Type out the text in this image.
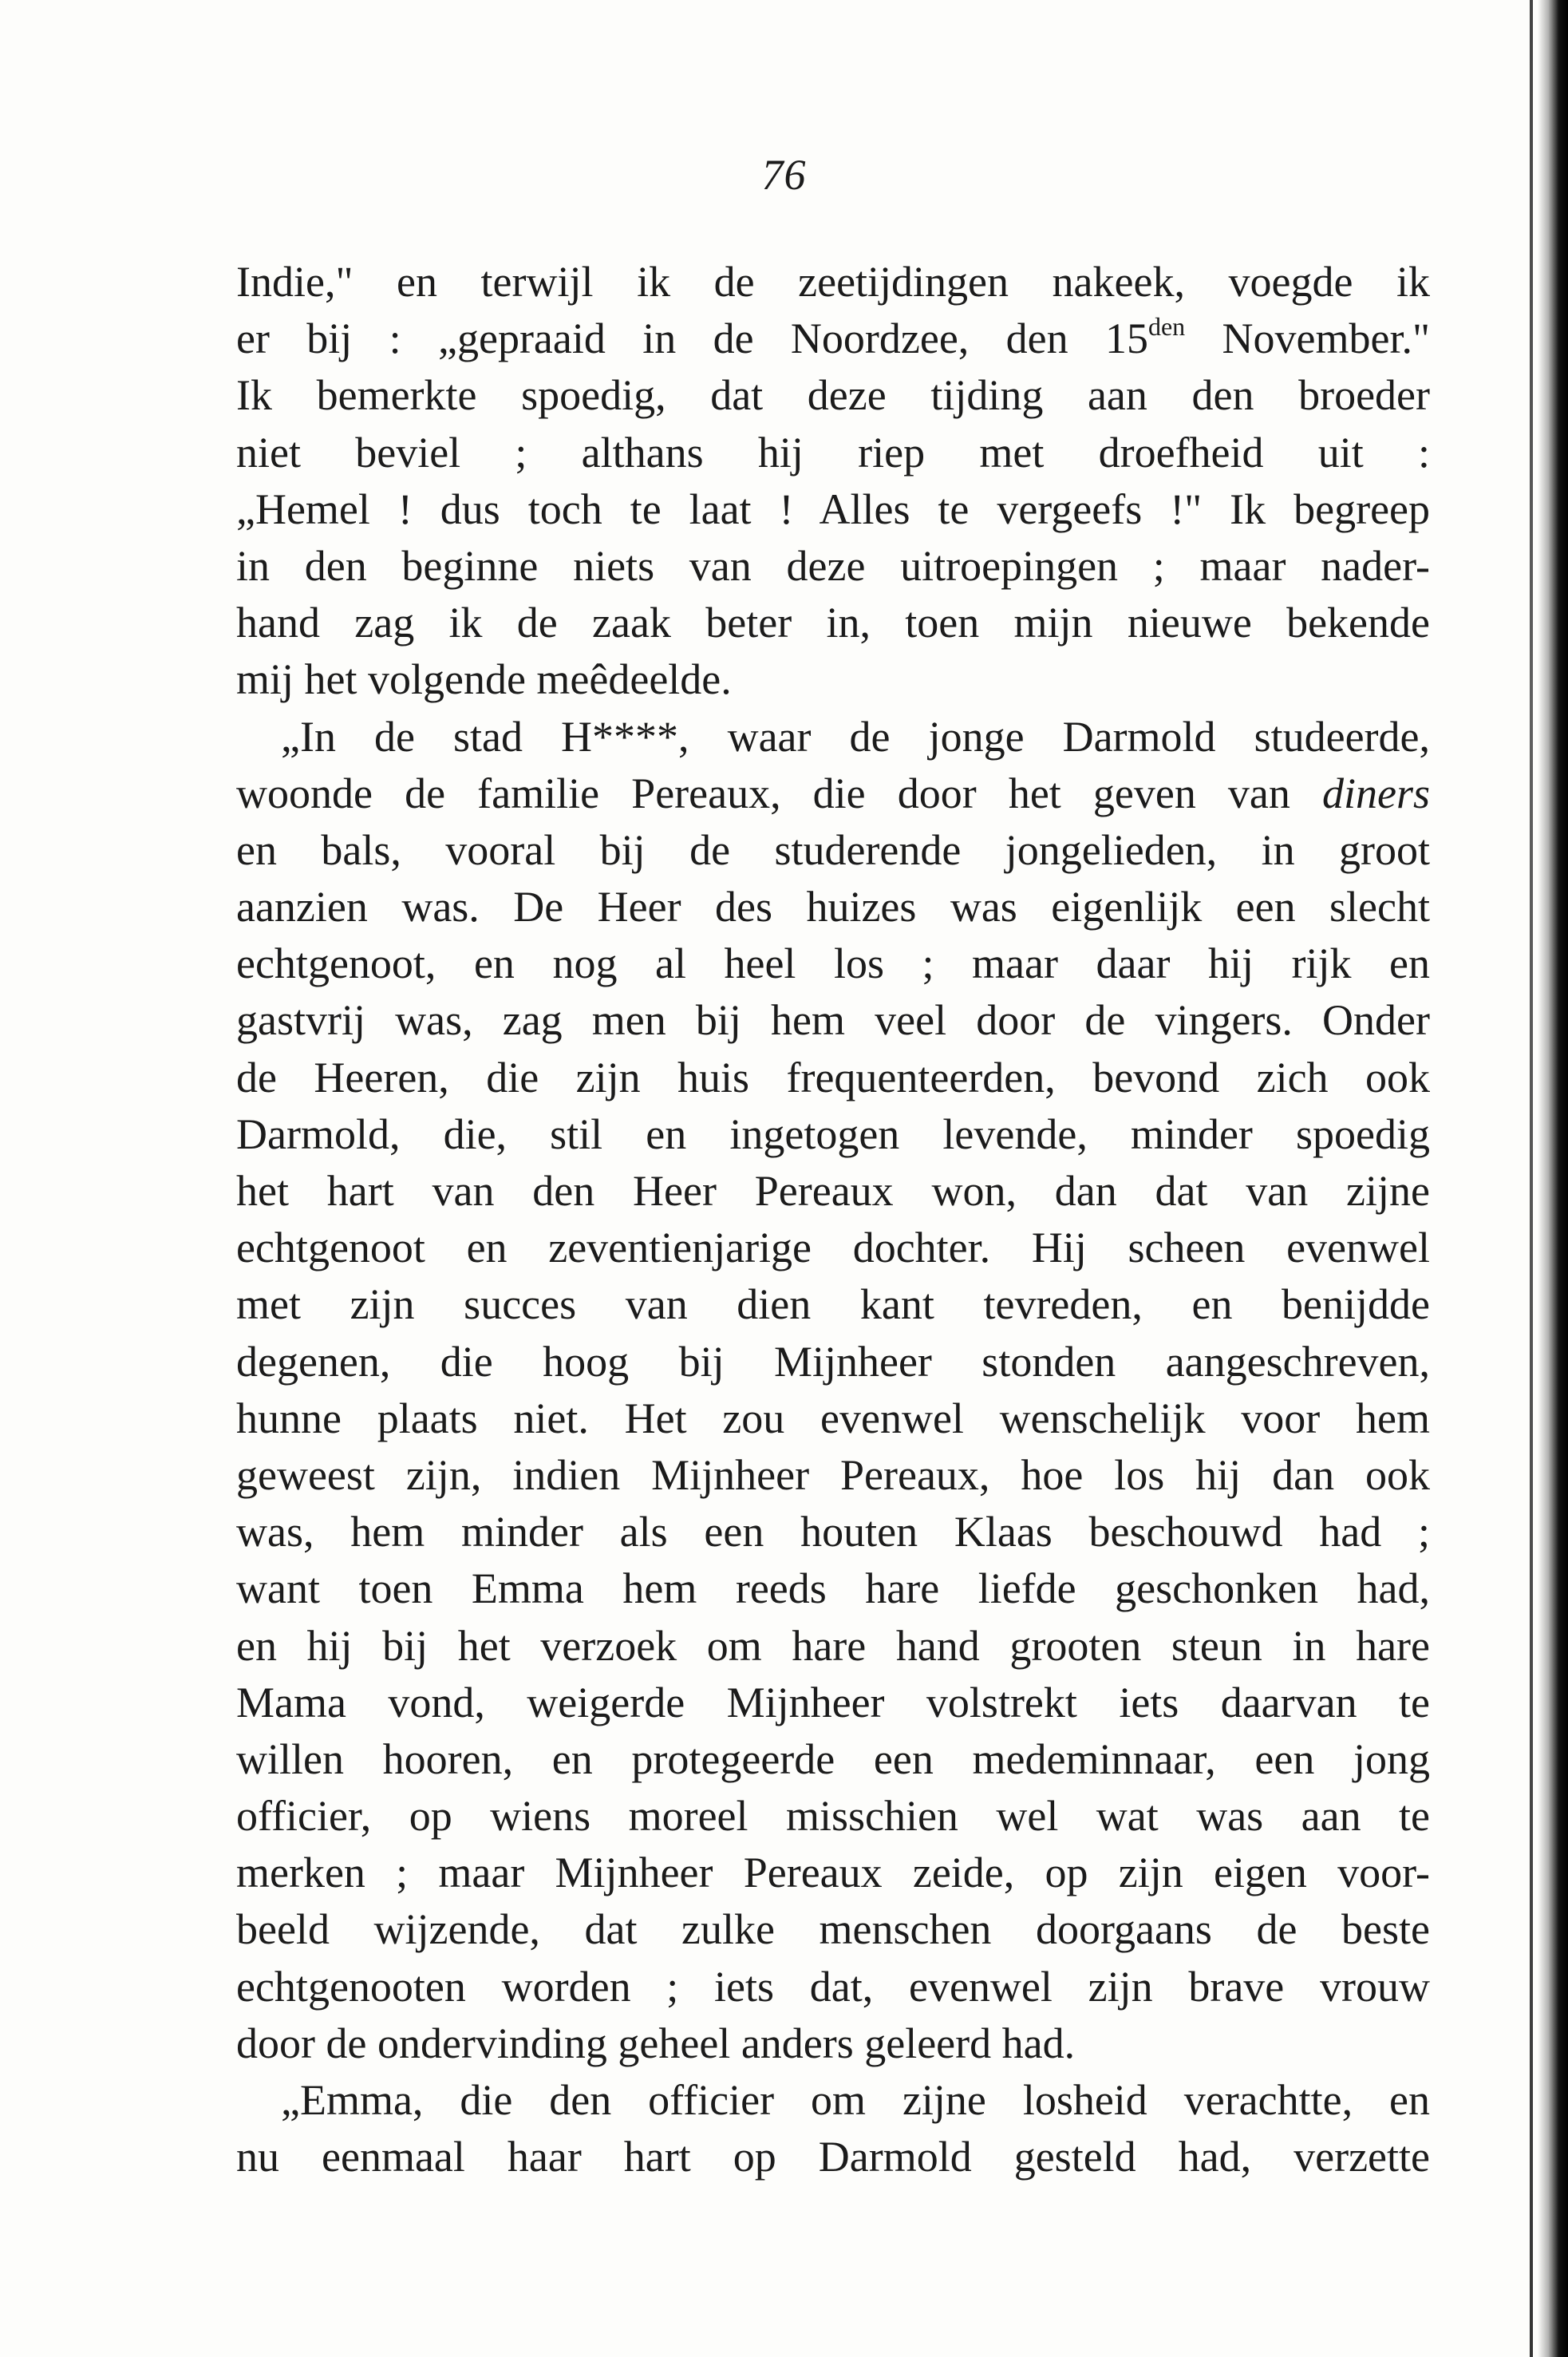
76
Indie," en terwijl ik de zeetijdingen nakeek, voegde ik
er bij : „gepraaid in de Noordzee, den $15^{den}$ November."
Ik bemerkte spoedig, dat deze tijding aan den broeder
niet beviel ; althans hij riep met droefheid uit :
„Hemel ! dus toch te laat ! Alles te vergeefs !" Ik begreep
in den beginne niets van deze uitroepingen ; maar nader-
hand zag ik de zaak beter in, toen mijn nieuwe bekende
mij het volgende meêdeelde.
„In de stad H****, waar de jonge Darmold studeerde,
woonde de familie Pereaux, die door het geven van diners
en bals, vooral bij de studerende jongelieden, in groot
aanzien was. De Heer des huizes was eigenlijk een slecht
echtgenoot, en nog al heel los ; maar daar hij rijk en
gastvrij was, zag men bij hem veel door de vingers. Onder
de Heeren, die zijn huis frequenteerden, bevond zich ook
Darmold, die, stil en ingetogen levende, minder spoedig
het hart van den Heer Pereaux won, dan dat van zijne
echtgenoot en zeventienjarige dochter. Hij scheen evenwel
met zijn succes van dien kant tevreden, en benijdde
degenen, die hoog bij Mijnheer stonden aangeschreven,
hunne plaats niet. Het zou evenwel wenschelijk voor hem
geweest zijn, indien Mijnheer Pereaux, hoe los hij dan ook
was, hem minder als een houten Klaas beschouwd had ;
want toen Emma hem reeds hare liefde geschonken had,
en hij bij het verzoek om hare hand grooten steun in hare
Mama vond, weigerde Mijnheer volstrekt iets daarvan te
willen hooren, en protegeerde een medeminnaar, een jong
officier, op wiens moreel misschien wel wat was aan te
merken ; maar Mijnheer Pereaux zeide, op zijn eigen voor-
beeld wijzende, dat zulke menschen doorgaans de beste
echtgenooten worden ; iets dat, evenwel zijn brave vrouw
door de ondervinding geheel anders geleerd had.
„Emma, die den officier om zijne losheid verachtte, en
nu eenmaal haar hart op Darmold gesteld had, verzette
